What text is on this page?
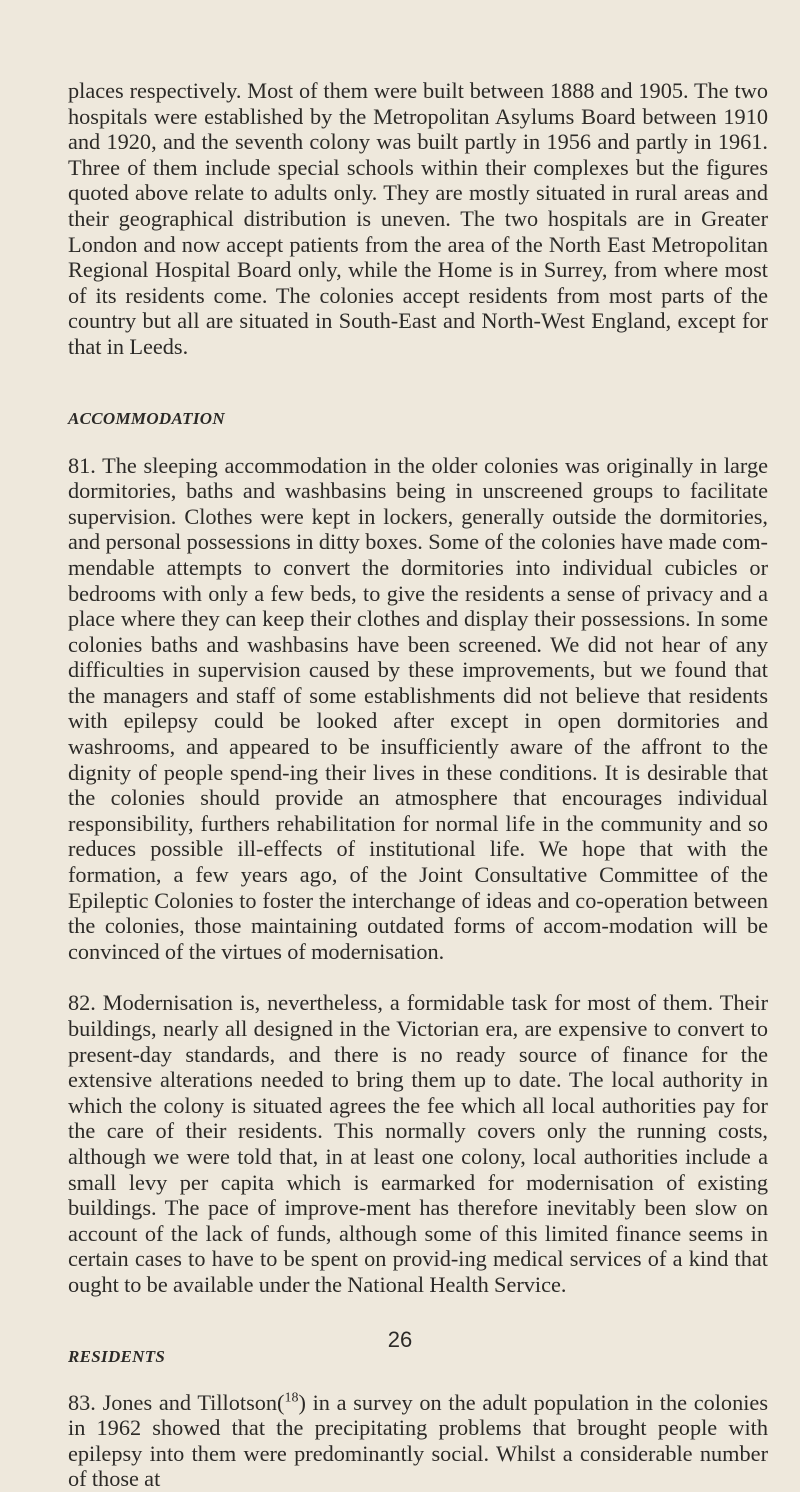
places respectively. Most of them were built between 1888 and 1905. The two hospitals were established by the Metropolitan Asylums Board between 1910 and 1920, and the seventh colony was built partly in 1956 and partly in 1961. Three of them include special schools within their complexes but the figures quoted above relate to adults only. They are mostly situated in rural areas and their geographical distribution is uneven. The two hospitals are in Greater London and now accept patients from the area of the North East Metropolitan Regional Hospital Board only, while the Home is in Surrey, from where most of its residents come. The colonies accept residents from most parts of the country but all are situated in South-East and North-West England, except for that in Leeds.

ACCOMMODATION

81. The sleeping accommodation in the older colonies was originally in large dormitories, baths and washbasins being in unscreened groups to facilitate supervision. Clothes were kept in lockers, generally outside the dormitories, and personal possessions in ditty boxes. Some of the colonies have made com-mendable attempts to convert the dormitories into individual cubicles or bedrooms with only a few beds, to give the residents a sense of privacy and a place where they can keep their clothes and display their possessions. In some colonies baths and washbasins have been screened. We did not hear of any difficulties in supervision caused by these improvements, but we found that the managers and staff of some establishments did not believe that residents with epilepsy could be looked after except in open dormitories and washrooms, and appeared to be insufficiently aware of the affront to the dignity of people spend-ing their lives in these conditions. It is desirable that the colonies should provide an atmosphere that encourages individual responsibility, furthers rehabilitation for normal life in the community and so reduces possible ill-effects of institutional life. We hope that with the formation, a few years ago, of the Joint Consultative Committee of the Epileptic Colonies to foster the interchange of ideas and co-operation between the colonies, those maintaining outdated forms of accom-modation will be convinced of the virtues of modernisation.

82. Modernisation is, nevertheless, a formidable task for most of them. Their buildings, nearly all designed in the Victorian era, are expensive to convert to present-day standards, and there is no ready source of finance for the extensive alterations needed to bring them up to date. The local authority in which the colony is situated agrees the fee which all local authorities pay for the care of their residents. This normally covers only the running costs, although we were told that, in at least one colony, local authorities include a small levy per capita which is earmarked for modernisation of existing buildings. The pace of improve-ment has therefore inevitably been slow on account of the lack of funds, although some of this limited finance seems in certain cases to have to be spent on provid-ing medical services of a kind that ought to be available under the National Health Service.

RESIDENTS

83. Jones and Tillotson($^{18}$) in a survey on the adult population in the colonies in 1962 showed that the precipitating problems that brought people with epilepsy into them were predominantly social. Whilst a considerable number of those at

26
